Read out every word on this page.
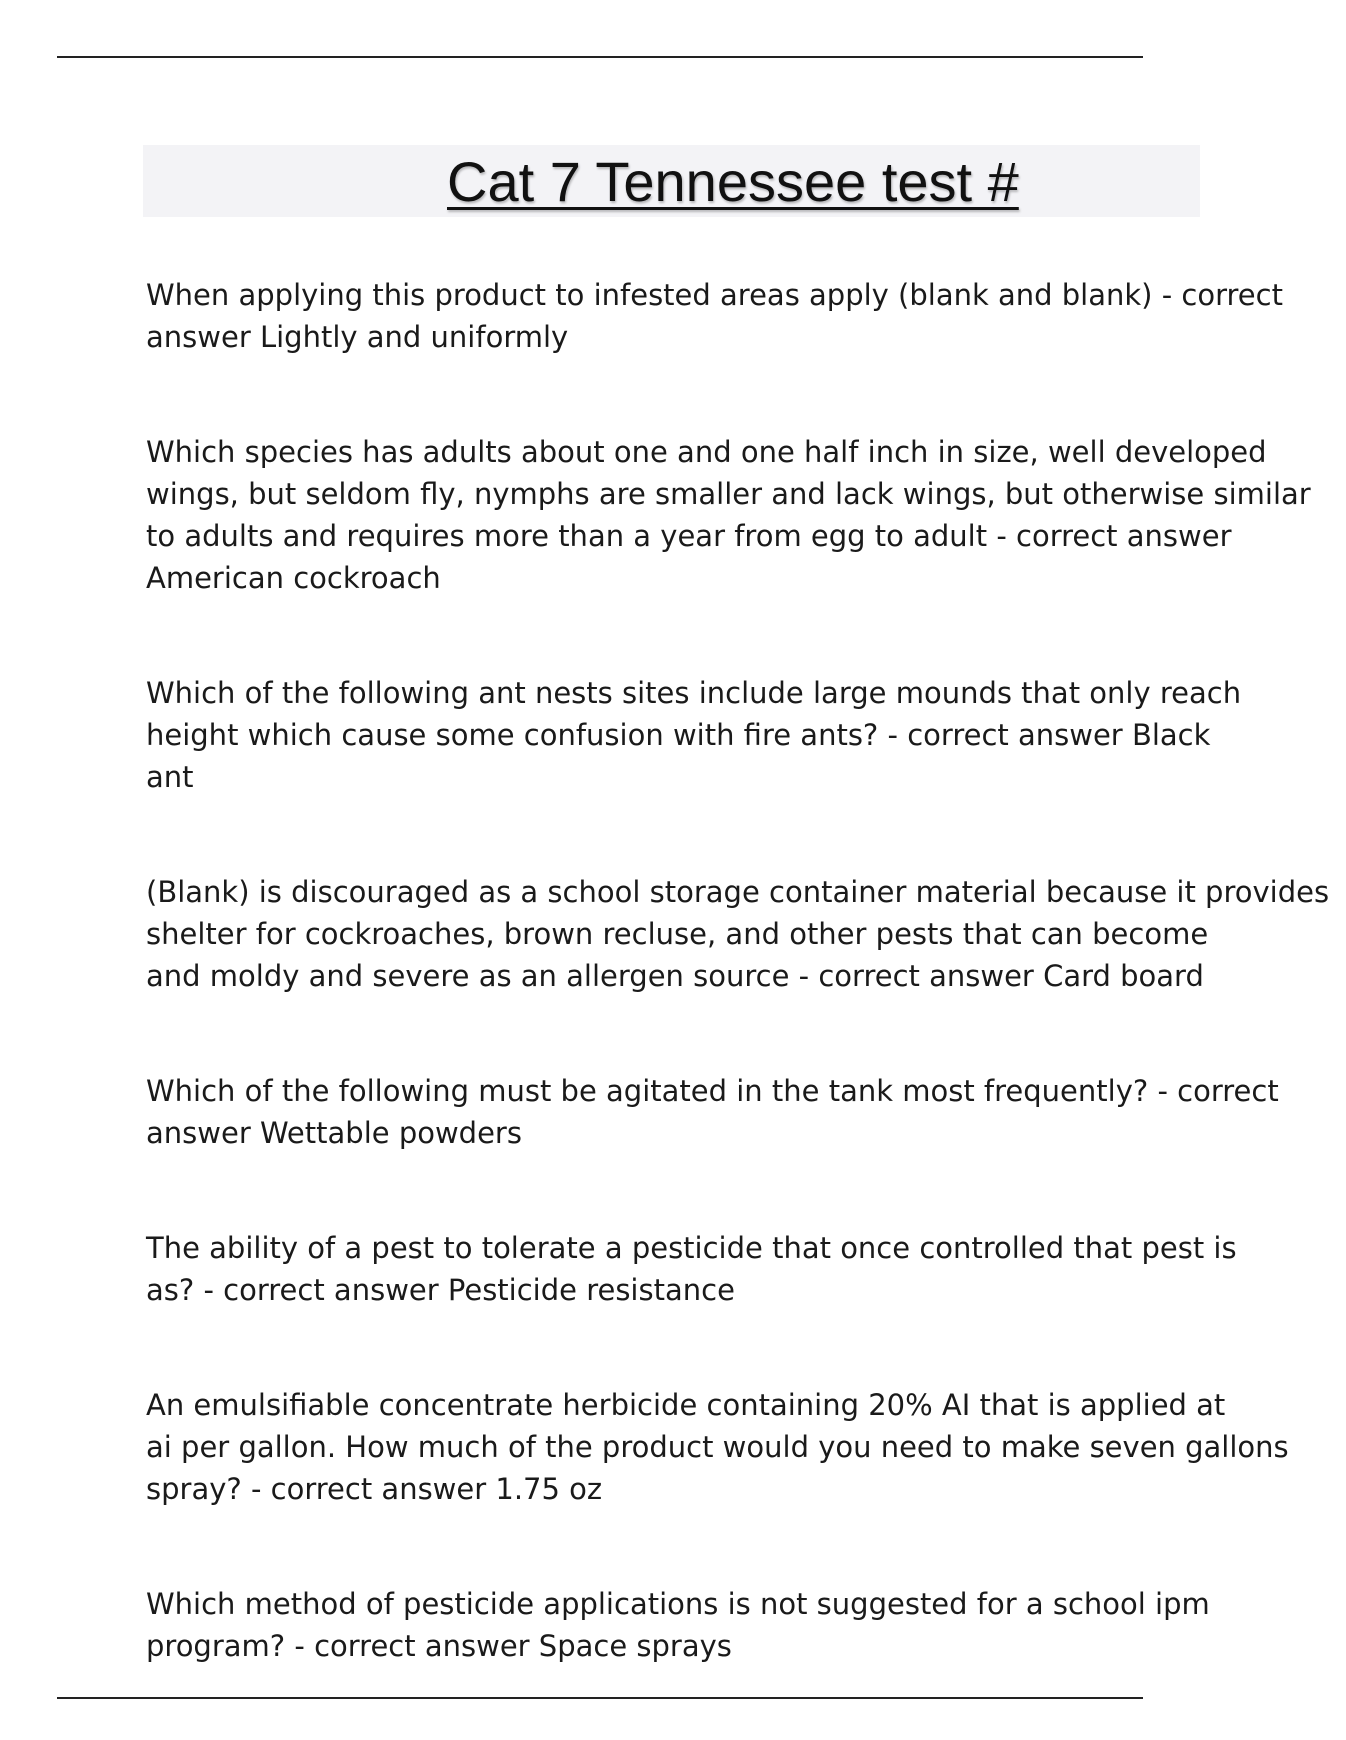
Cat 7 Tennessee test #

When applying this product to infested areas apply (blank and blank) - correct
answer Lightly and uniformly

Which species has adults about one and one half inch in size, well developed
wings, but seldom fly, nymphs are smaller and lack wings, but otherwise similar
to adults and requires more than a year from egg to adult - correct answer
American cockroach

Which of the following ant nests sites include large mounds that only reach
height which cause some confusion with fire ants? - correct answer Black
ant

(Blank) is discouraged as a school storage container material because it provides
shelter for cockroaches, brown recluse, and other pests that can become
and moldy and severe as an allergen source - correct answer Card board

Which of the following must be agitated in the tank most frequently? - correct
answer Wettable powders

The ability of a pest to tolerate a pesticide that once controlled that pest is
as? - correct answer Pesticide resistance

An emulsifiable concentrate herbicide containing 20% AI that is applied at
ai per gallon. How much of the product would you need to make seven gallons
spray? - correct answer 1.75 oz

Which method of pesticide applications is not suggested for a school ipm
program? - correct answer Space sprays
